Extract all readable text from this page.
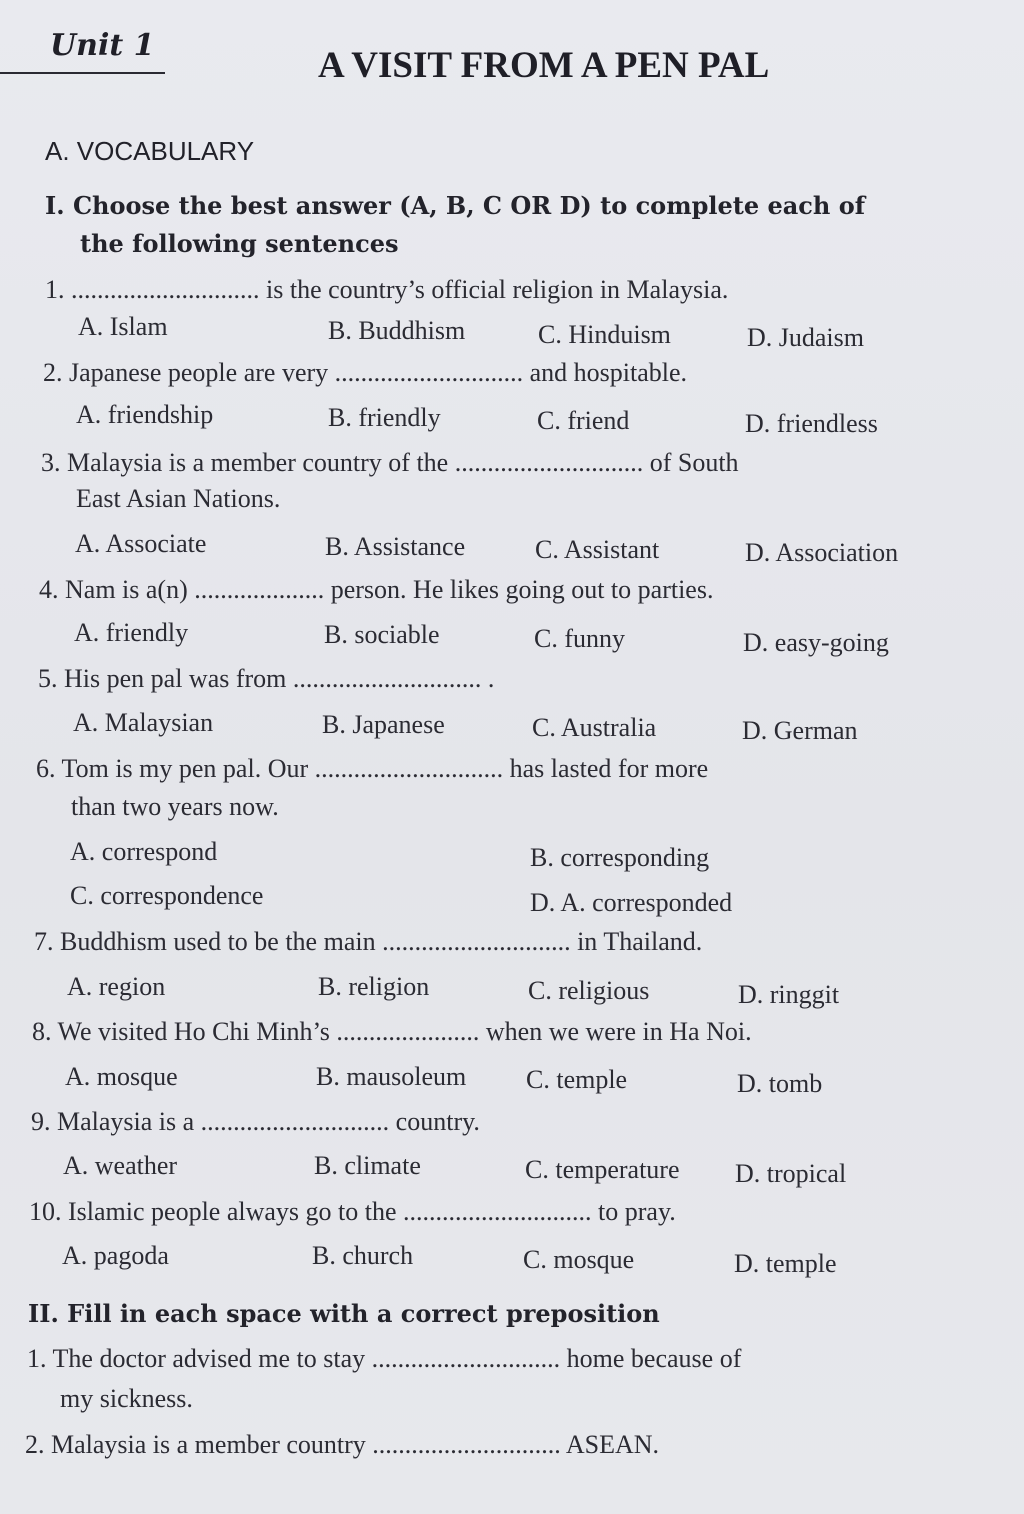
Unit 1	A VISIT FROM A PEN PAL
A. VOCABULARY
I. Choose the best answer (A, B, C OR D) to complete each of
the following sentences
1. ............................. is the country’s official religion in Malaysia.
A. Islam	B. Buddhism	C. Hinduism	D. Judaism
2. Japanese people are very ............................. and hospitable.
A. friendship	B. friendly	C. friend	D. friendless
3. Malaysia is a member country of the ............................. of South
East Asian Nations.
A. Associate	B. Assistance	C. Assistant	D. Association
4. Nam is a(n) .................... person. He likes going out to parties.
A. friendly	B. sociable	C. funny	D. easy-going
5. His pen pal was from ............................. .
A. Malaysian	B. Japanese	C. Australia	D. German
6. Tom is my pen pal. Our ............................. has lasted for more
than two years now.
A. correspond	B. corresponding
C. correspondence	D. A. corresponded
7. Buddhism used to be the main ............................. in Thailand.
A. region	B. religion	C. religious	D. ringgit
8. We visited Ho Chi Minh’s ...................... when we were in Ha Noi.
A. mosque	B. mausoleum C. temple	D. tomb
9. Malaysia is a ............................. country.
A. weather	B. climate	C. temperature D. tropical
10. Islamic people always go to the ............................. to pray.
A. pagoda	B. church	C. mosque	D. temple
II. Fill in each space with a correct preposition
1. The doctor advised me to stay ............................. home because of
my sickness.
2. Malaysia is a member country ............................. ASEAN.
